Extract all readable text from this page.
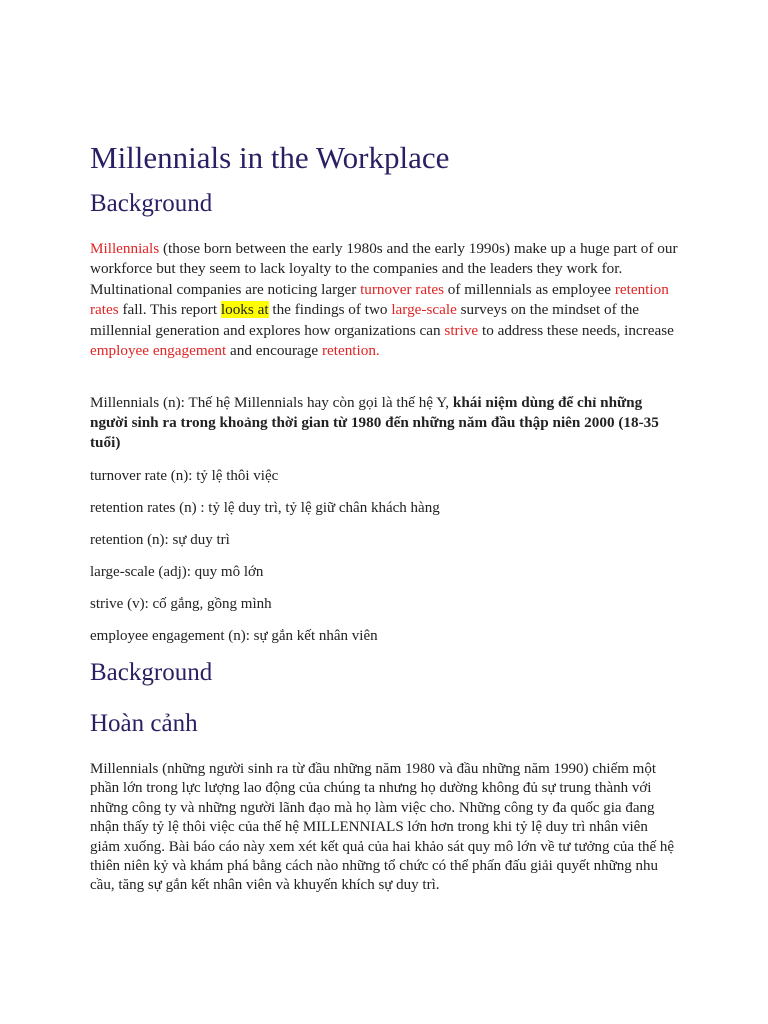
Millennials in the Workplace
Background

Millennials (those born between the early 1980s and the early 1990s) make up a huge part of our workforce but they seem to lack loyalty to the companies and the leaders they work for. Multinational companies are noticing larger turnover rates of millennials as employee retention rates fall. This report looks at the findings of two large-scale surveys on the mindset of the millennial generation and explores how organizations can strive to address these needs, increase employee engagement and encourage retention.

Millennials (n): Thế hệ Millennials hay còn gọi là thế hệ Y, khái niệm dùng để chỉ những người sinh ra trong khoảng thời gian từ 1980 đến những năm đầu thập niên 2000 (18-35 tuổi)

turnover rate (n): tỷ lệ thôi việc

retention rates (n) : tỷ lệ duy trì, tỷ lệ giữ chân khách hàng

retention (n): sự duy trì

large-scale (adj): quy mô lớn

strive (v): cố gắng, gồng mình

employee engagement (n): sự gắn kết nhân viên

Background
Hoàn cảnh

Millennials (những người sinh ra từ đầu những năm 1980 và đầu những năm 1990) chiếm một phần lớn trong lực lượng lao động của chúng ta nhưng họ dường không đủ sự trung thành với những công ty và những người lãnh đạo mà họ làm việc cho. Những công ty đa quốc gia đang nhận thấy tỷ lệ thôi việc của thế hệ MILLENNIALS lớn hơn trong khi tỷ lệ duy trì nhân viên giảm xuống. Bài báo cáo này xem xét kết quả của hai khảo sát quy mô lớn về tư tưởng của thế hệ thiên niên kỷ và khám phá bằng cách nào những tổ chức có thể phấn đấu giải quyết những nhu cầu, tăng sự gắn kết nhân viên và khuyến khích sự duy trì.
